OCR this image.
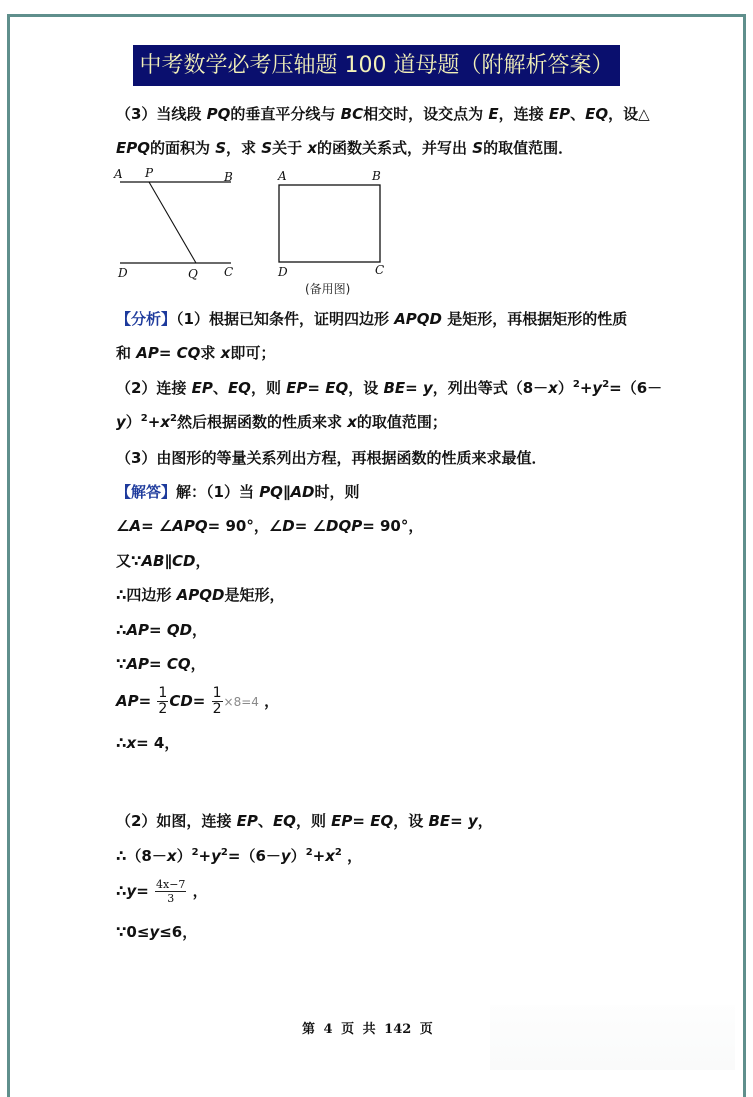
中考数学必考压轴题 100 道母题（附解析答案）
（3）当线段 PQ的垂直平分线与 BC相交时，设交点为 E，连接 EP、EQ，设△
EPQ的面积为 S，求 S关于 x的函数关系式，并写出 S的取值范围．
A P	B
D	Q C
A	B
D	C
(备用图)
【分析】（1）根据已知条件，证明四边形 APQD 是矩形，再根据矩形的性质
和 AP= CQ求 x即可；
（2）连接 EP、EQ，则 EP= EQ，设 BE= y，列出等式$(8-x)^2+y^2=(6-$
$y)^2+x^2$然后根据函数的性质来求 x的取值范围；
（3）由图形的等量关系列出方程，再根据函数的性质来求最值．
【解答】解：（1）当 PQ∥AD时，则
∠A= ∠APQ= 90°，∠D= ∠DQP= 90°，
又∵AB∥CD，
∴四边形 APQD是矩形，
∴AP= QD，
∵AP= CQ，
$AP= \frac{1}{2} CD= \frac{1}{2} \times 8=4$ ，
∴x= 4，
（2）如图，连接 EP、EQ，则 EP= EQ，设 BE= y，
$\therefore(8-x)^2+y^2=(6-y)^2+x^2$ ，
∴y= $\frac{4x-7}{3}$ ，
∵0≤y≤6，
第 4 页 共 142 页
